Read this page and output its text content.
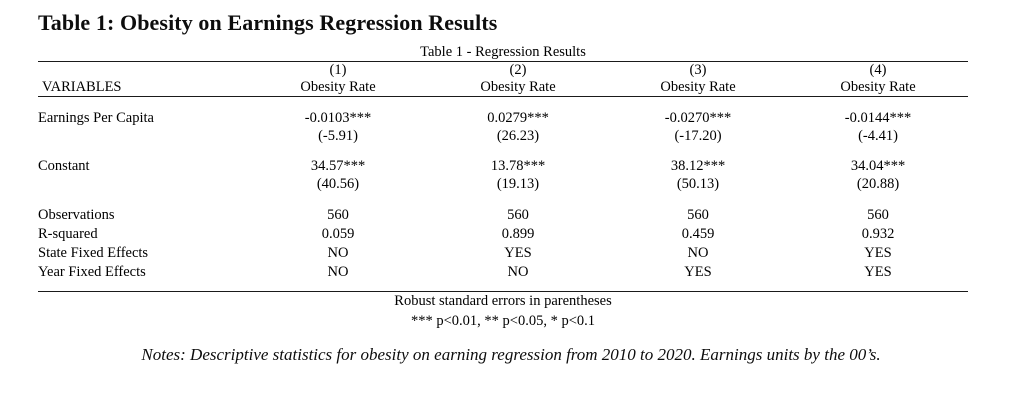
Table 1: Obesity on Earnings Regression Results
Table 1 - Regression Results				

	(1)	(2)	(3)	(4)
VARIABLES	Obesity Rate	Obesity Rate	Obesity Rate	Obesity Rate

Earnings Per Capita	-0.0103***	0.0279***	-0.0270***	-0.0144***
	(-5.91)	(26.23)	(-17.20)	(-4.41)
Constant	34.57***	13.78***	38.12***	34.04***
	(40.56)	(19.13)	(50.13)	(20.88)
Observations	560	560	560	560
R-squared	0.059	0.899	0.459	0.932
State Fixed Effects	NO	YES	NO	YES
Year Fixed Effects	NO	NO	YES	YES

Robust standard errors in parentheses				
*** p<0.01, ** p<0.05, * p<0.1				
Notes: Descriptive statistics for obesity on earning regression from 2010 to 2020. Earnings units by the 00’s.
